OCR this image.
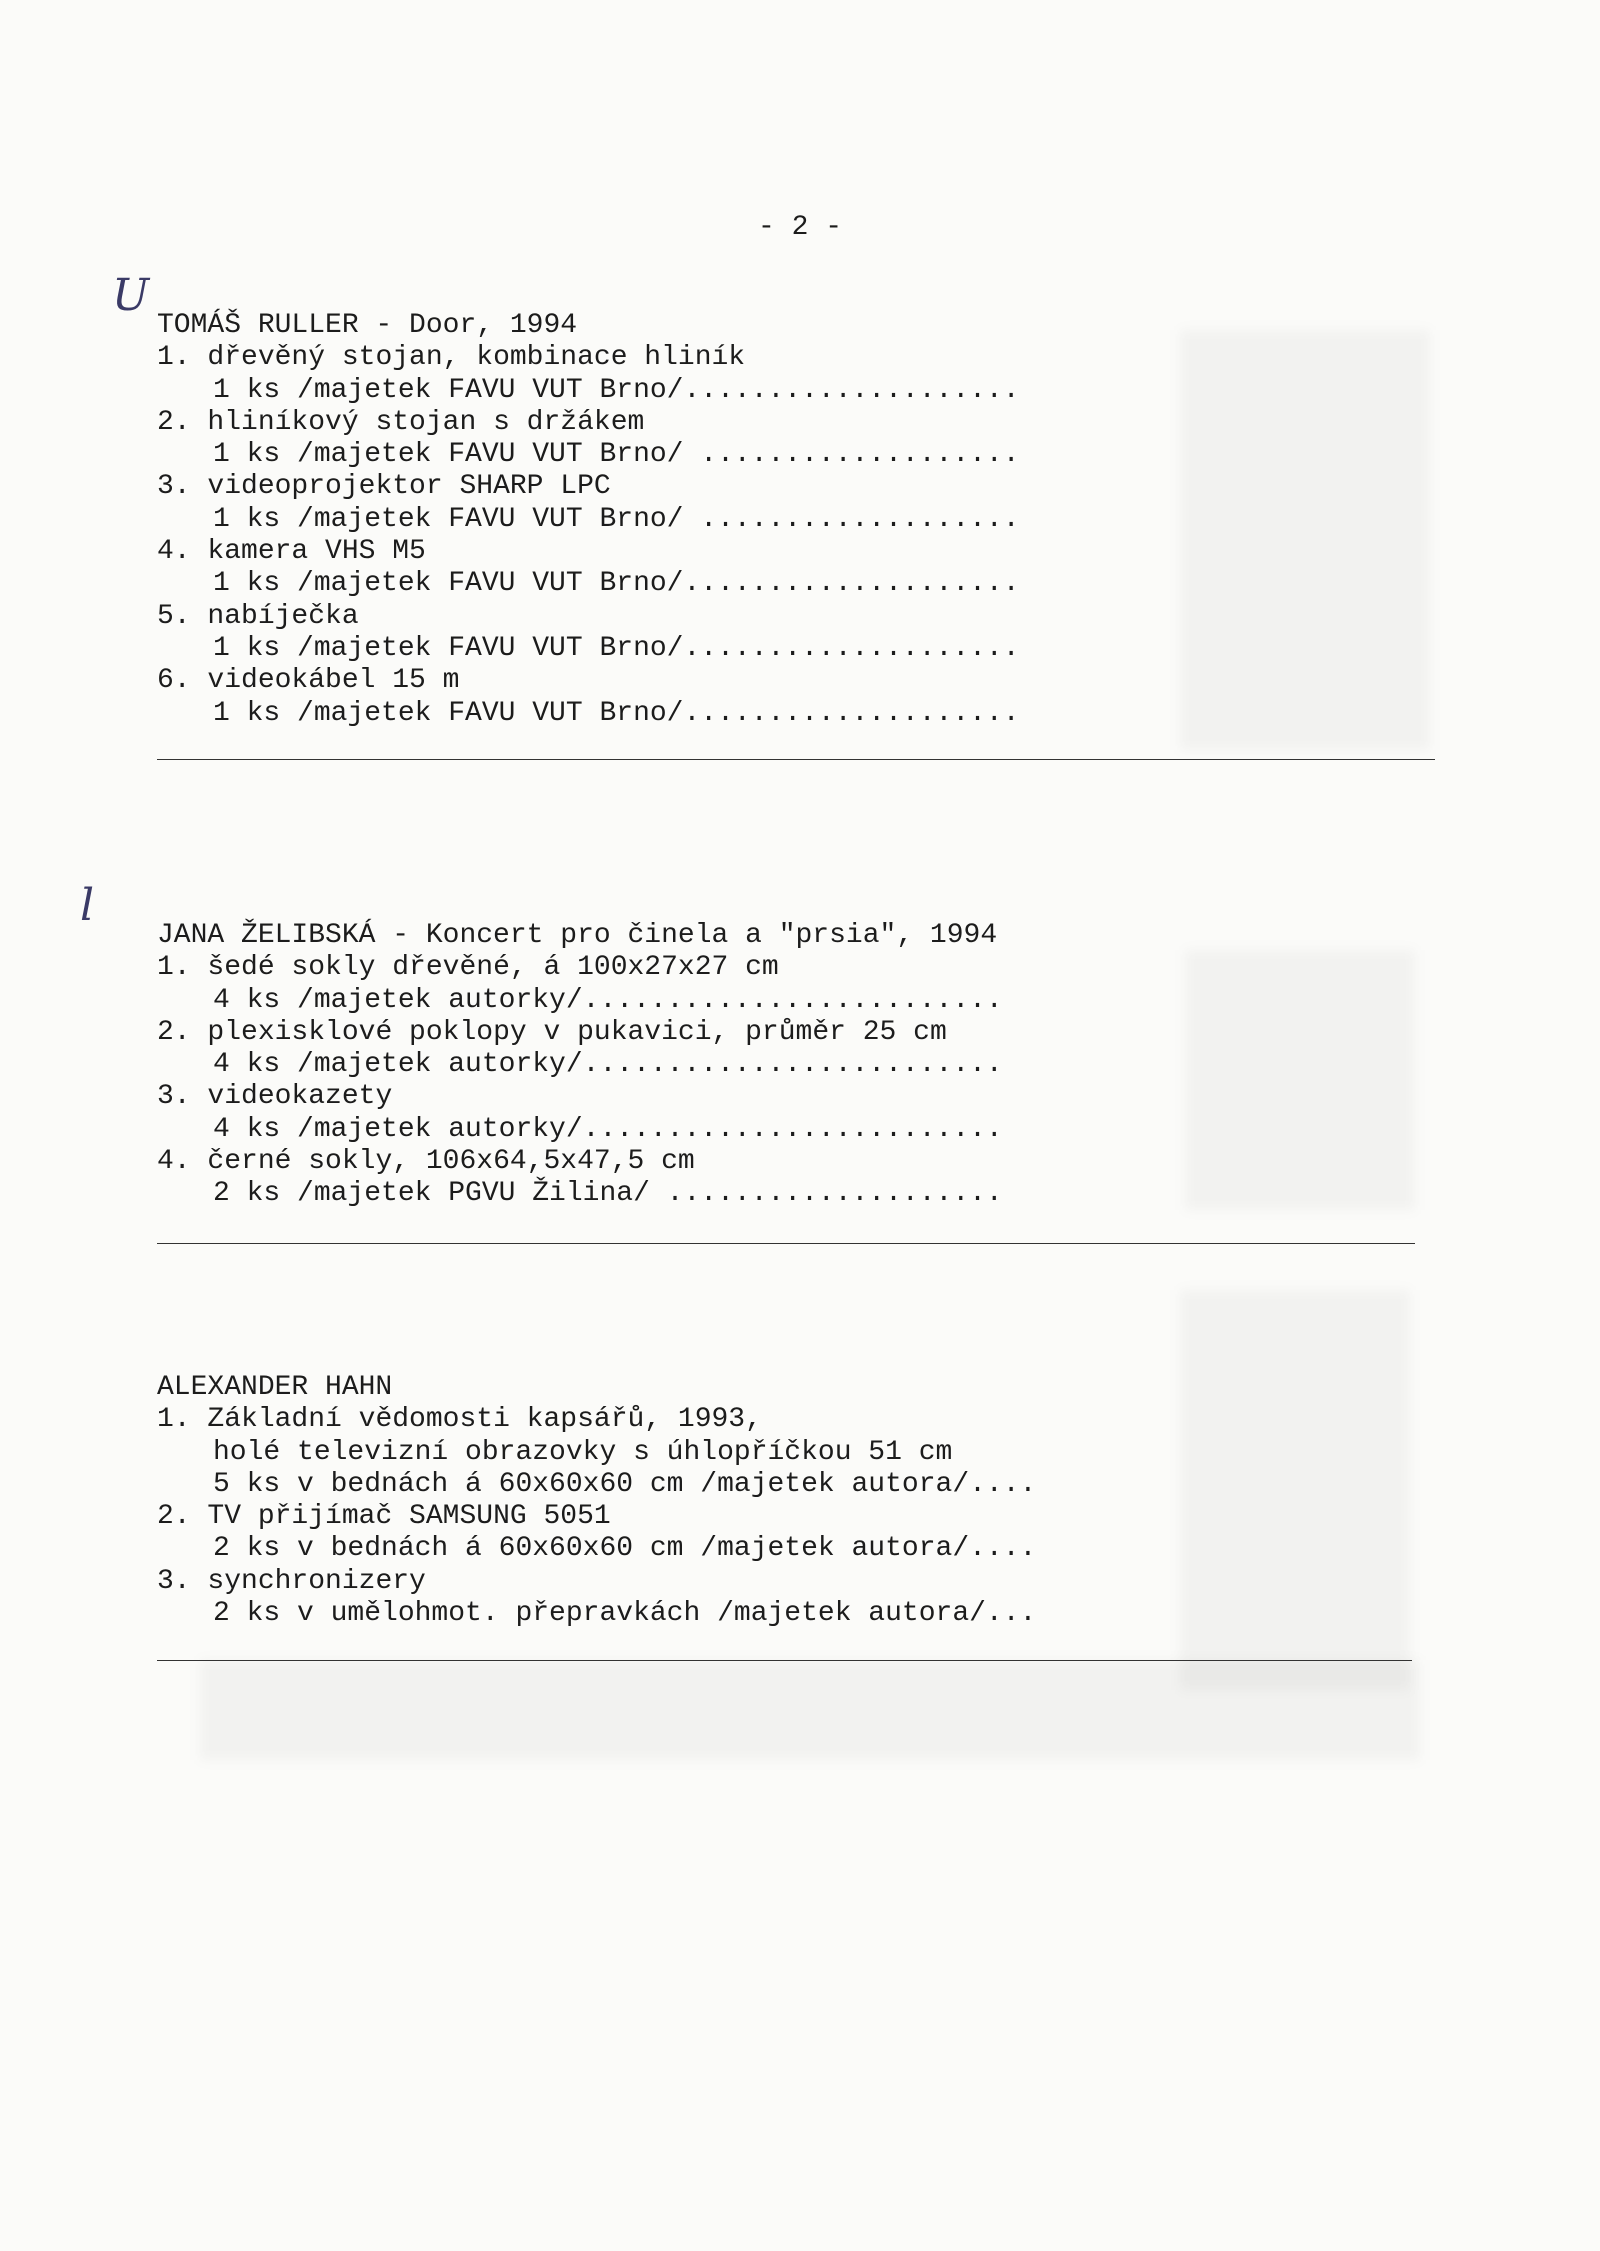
- 2 -
U
l
TOMÁŠ RULLER - Door, 1994
1. dřevěný stojan, kombinace hliník
1 ks /majetek FAVU VUT Brno/....................
2. hliníkový stojan s držákem
1 ks /majetek FAVU VUT Brno/ ...................
3. videoprojektor SHARP LPC
1 ks /majetek FAVU VUT Brno/ ...................
4. kamera VHS M5
1 ks /majetek FAVU VUT Brno/....................
5. nabíječka
1 ks /majetek FAVU VUT Brno/....................
6. videokábel 15 m
1 ks /majetek FAVU VUT Brno/....................
JANA ŽELIBSKÁ - Koncert pro činela a "prsia", 1994
1. šedé sokly dřevěné, á 100x27x27 cm
4 ks /majetek autorky/.........................
2. plexisklové poklopy v pukavici, průměr 25 cm
4 ks /majetek autorky/.........................
3. videokazety
4 ks /majetek autorky/.........................
4. černé sokly, 106x64,5x47,5 cm
2 ks /majetek PGVU Žilina/ ....................
ALEXANDER HAHN
1. Základní vědomosti kapsářů, 1993,
holé televizní obrazovky s úhlopříčkou 51 cm
5 ks v bednách á 60x60x60 cm /majetek autora/....
2. TV přijímač SAMSUNG 5051
2 ks v bednách á 60x60x60 cm /majetek autora/....
3. synchronizery
2 ks v umělohmot. přepravkách /majetek autora/...
